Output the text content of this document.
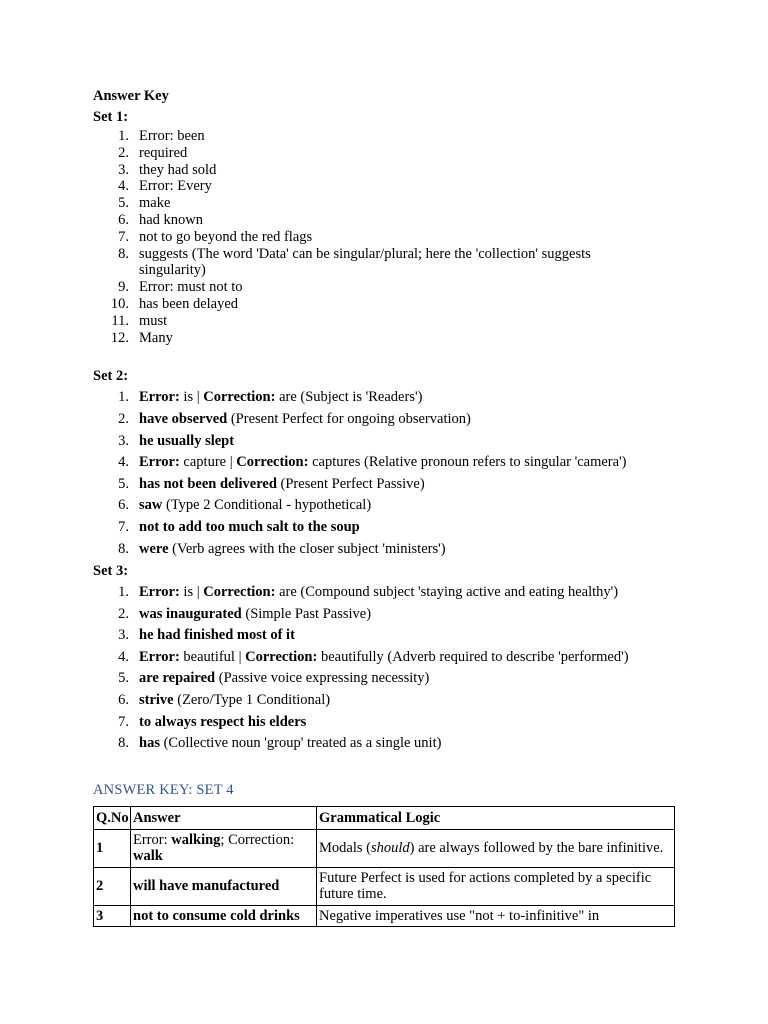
Answer Key
Set 1:
1. Error: been
2. required
3. they had sold
4. Error: Every
5. make
6. had known
7. not to go beyond the red flags
8. suggests (The word 'Data' can be singular/plural; here the 'collection' suggests singularity)
9. Error: must not to
10. has been delayed
11. must
12. Many
Set 2:
1. Error: is | Correction: are (Subject is 'Readers')
2. have observed (Present Perfect for ongoing observation)
3. he usually slept
4. Error: capture | Correction: captures (Relative pronoun refers to singular 'camera')
5. has not been delivered (Present Perfect Passive)
6. saw (Type 2 Conditional - hypothetical)
7. not to add too much salt to the soup
8. were (Verb agrees with the closer subject 'ministers')
Set 3:
1. Error: is | Correction: are (Compound subject 'staying active and eating healthy')
2. was inaugurated (Simple Past Passive)
3. he had finished most of it
4. Error: beautiful | Correction: beautifully (Adverb required to describe 'performed')
5. are repaired (Passive voice expressing necessity)
6. strive (Zero/Type 1 Conditional)
7. to always respect his elders
8. has (Collective noun 'group' treated as a single unit)
ANSWER KEY: SET 4
Q.No	Answer	Grammatical Logic
1	Error: walking; Correction: walk	Modals (should) are always followed by the bare infinitive.
2	will have manufactured	Future Perfect is used for actions completed by a specific future time.
3	not to consume cold drinks	Negative imperatives use "not + to-infinitive" in
